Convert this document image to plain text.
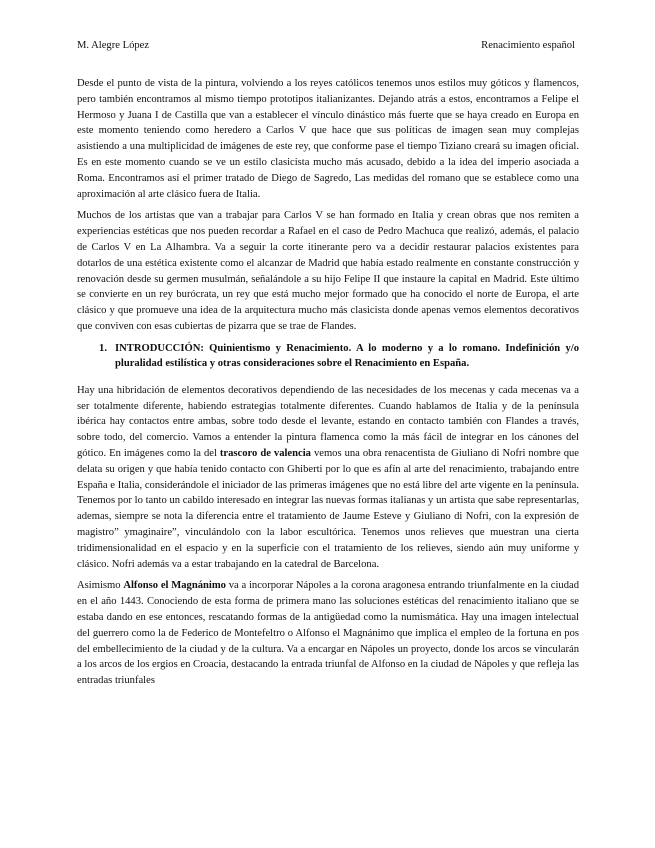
M. Alegre López	Renacimiento español

Desde el punto de vista de la pintura, volviendo a los reyes católicos tenemos unos estilos muy góticos y flamencos, pero también encontramos al mismo tiempo prototipos italianizantes. Dejando atrás a estos, encontramos a Felipe el Hermoso y Juana I de Castilla que van a establecer el vínculo dinástico más fuerte que se haya creado en Europa en este momento teniendo como heredero a Carlos V que hace que sus políticas de imagen sean muy complejas asistiendo a una multiplicidad de imágenes de este rey, que conforme pase el tiempo Tiziano creará su imagen oficial. Es en este momento cuando se ve un estilo clasicista mucho más acusado, debido a la idea del imperio asociada a Roma. Encontramos así el primer tratado de Diego de Sagredo, Las medidas del romano que se establece como una aproximación al arte clásico fuera de Italia.

Muchos de los artistas que van a trabajar para Carlos V se han formado en Italia y crean obras que nos remiten a experiencias estéticas que nos pueden recordar a Rafael en el caso de Pedro Machuca que realizó, además, el palacio de Carlos V en La Alhambra. Va a seguir la corte itinerante pero va a decidir restaurar palacios existentes para dotarlos de una estética existente como el alcanzar de Madrid que había estado realmente en constante construcción y renovación desde su germen musulmán, señalándole a su hijo Felipe II que instaure la capital en Madrid. Este último se convierte en un rey burócrata, un rey que está mucho mejor formado que ha conocido el norte de Europa, el arte clásico y que promueve una idea de la arquitectura mucho más clasicista donde apenas vemos elementos decorativos que conviven con esas cubiertas de pizarra que se trae de Flandes.

1. INTRODUCCIÓN: Quinientismo y Renacimiento. A lo moderno y a lo romano. Indefinición y/o pluralidad estilística y otras consideraciones sobre el Renacimiento en España.

Hay una hibridación de elementos decorativos dependiendo de las necesidades de los mecenas y cada mecenas va a ser totalmente diferente, habiendo estrategias totalmente diferentes. Cuando hablamos de Italia y de la península ibérica hay contactos entre ambas, sobre todo desde el levante, estando en contacto también con Flandes a través, sobre todo, del comercio. Vamos a entender la pintura flamenca como la más fácil de integrar en los cánones del gótico. En imágenes como la del trascoro de valencia vemos una obra renacentista de Giuliano di Nofri nombre que delata su origen y que había tenido contacto con Ghiberti por lo que es afín al arte del renacimiento, trabajando entre España e Italia, considerándole el iniciador de las primeras imágenes que no está libre del arte vigente en la península. Tenemos por lo tanto un cabildo interesado en integrar las nuevas formas italianas y un artista que sabe representarlas, ademas, siempre se nota la diferencia entre el tratamiento de Jaume Esteve y Giuliano di Nofri, con la expresión de magistro” ymaginaire”, vinculándolo con la labor escultórica. Tenemos unos relieves que muestran una cierta tridimensionalidad en el espacio y en la superficie con el tratamiento de los relieves, siendo aún muy uniforme y clásico. Nofri además va a estar trabajando en la catedral de Barcelona.

Asimismo Alfonso el Magnánimo va a incorporar Nápoles a la corona aragonesa entrando triunfalmente en la ciudad en el año 1443. Conociendo de esta forma de primera mano las soluciones estéticas del renacimiento italiano que se estaba dando en ese entonces, rescatando formas de la antigüedad como la numismática. Hay una imagen intelectual del guerrero como la de Federico de Montefeltro o Alfonso el Magnánimo que implica el empleo de la fortuna en pos del embellecimiento de la ciudad y de la cultura. Va a encargar en Nápoles un proyecto, donde los arcos se vincularán a los arcos de los ergios en Croacia, destacando la entrada triunfal de Alfonso en la ciudad de Nápoles y que refleja las entradas triunfales
